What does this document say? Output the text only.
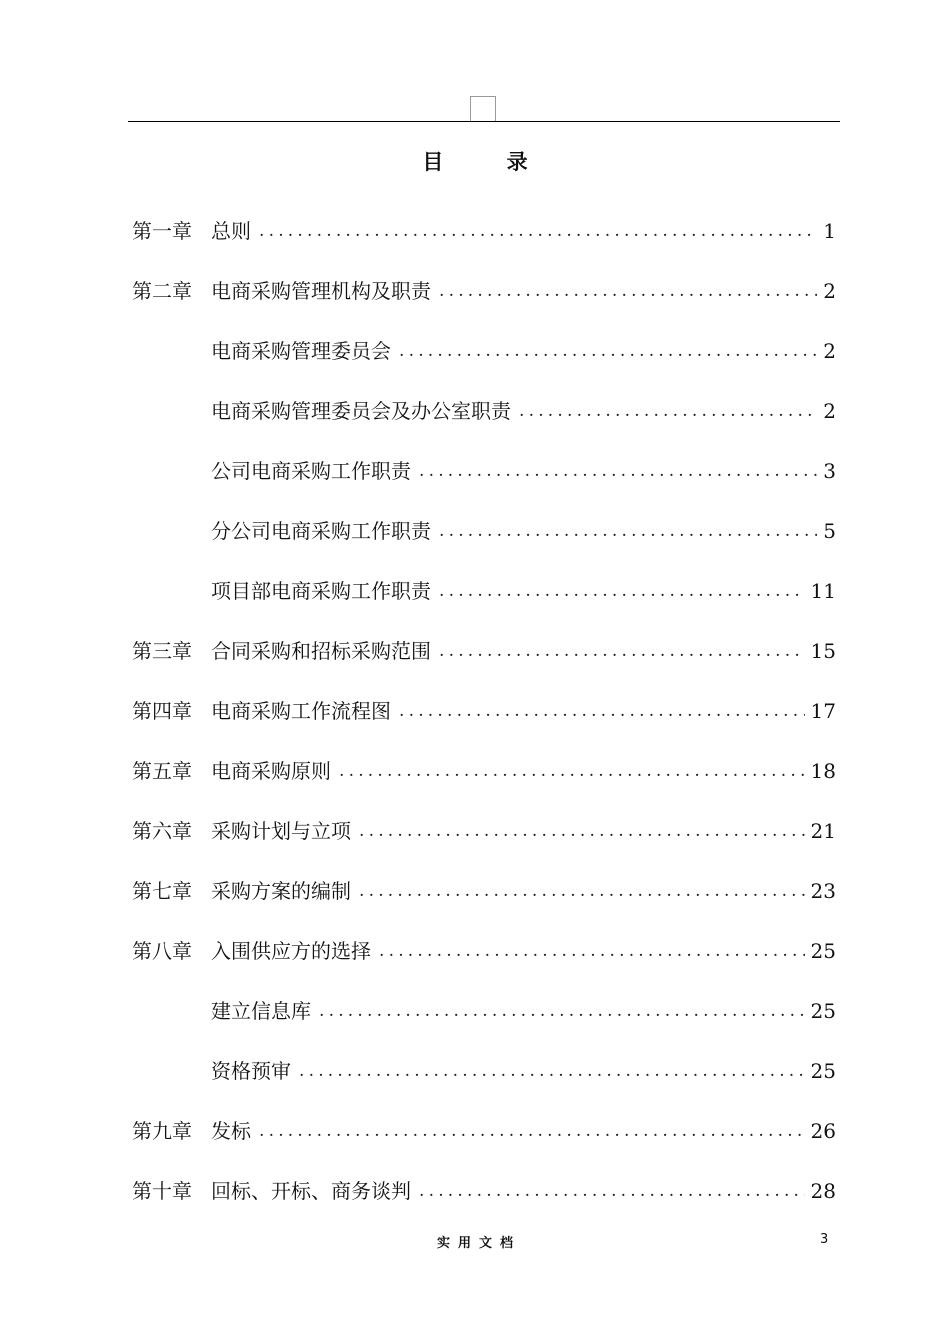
目 录
第一章 总则 .....	1
第二章 电商采购管理机构及职责 .....	2
电商采购管理委员会 .....	2
电商采购管理委员会及办公室职责 .....	2
公司电商采购工作职责 .....	3
分公司电商采购工作职责 .....	5
项目部电商采购工作职责 .....	11
第三章 合同采购和招标采购范围 .....	15
第四章 电商采购工作流程图 .....	17
第五章 电商采购原则 .....	18
第六章 采购计划与立项 .....	21
第七章 采购方案的编制 .....	23
第八章 入围供应方的选择 .....	25
建立信息库 .....	25
资格预审 .....	25
第九章 发标 .....	26
第十章 回标、开标、商务谈判 .....	28
实用文档	3
